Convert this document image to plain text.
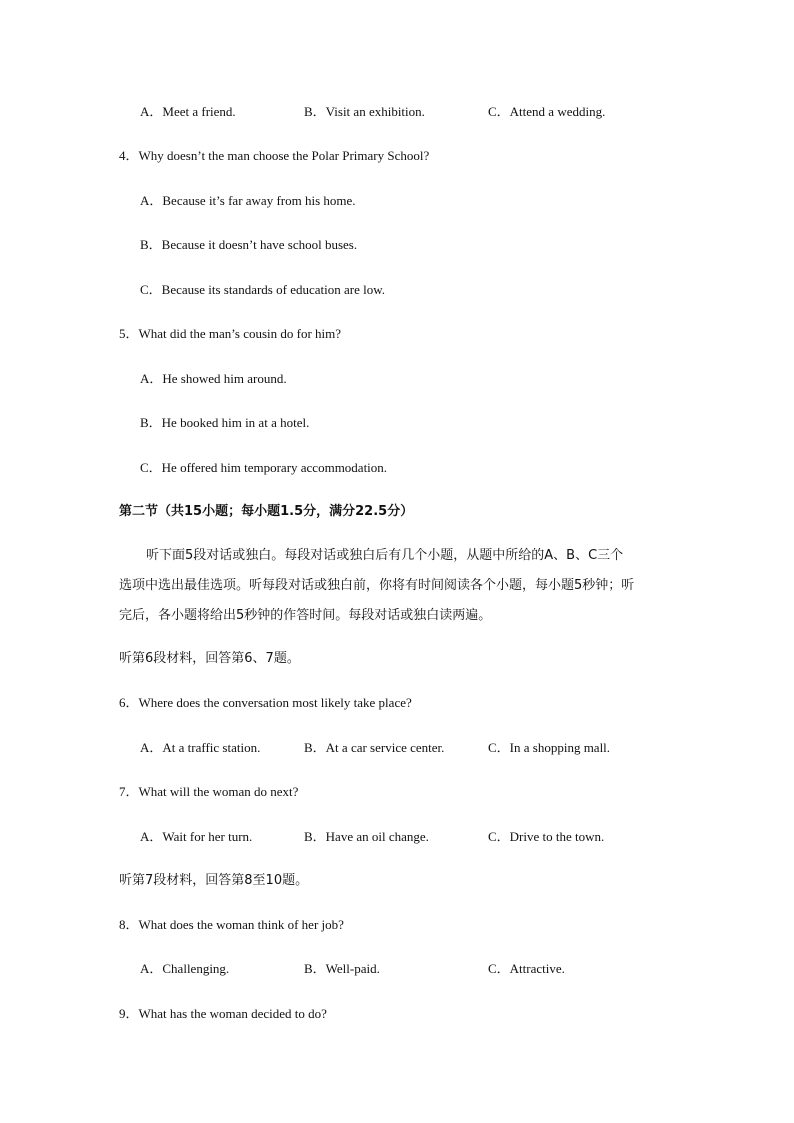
A．Meet a friend.	B．Visit an exhibition.	C．Attend a wedding.
4．Why doesn’t the man choose the Polar Primary School?
A．Because it’s far away from his home.
B．Because it doesn’t have school buses.
C．Because its standards of education are low.
5．What did the man’s cousin do for him?
A．He showed him around.
B．He booked him in at a hotel.
C．He offered him temporary accommodation.
第二节（共15小题；每小题1.5分，满分22.5分）
听下面5段对话或独白。每段对话或独白后有几个小题，从题中所给的A、B、C三个
选项中选出最佳选项。听每段对话或独白前，你将有时间阅读各个小题，每小题5秒钟；听
完后，各小题将给出5秒钟的作答时间。每段对话或独白读两遍。
听第6段材料，回答第6、7题。
6．Where does the conversation most likely take place?
A．At a traffic station.	B．At a car service center.	C．In a shopping mall.
7．What will the woman do next?
A．Wait for her turn.	B．Have an oil change.	C．Drive to the town.
听第7段材料，回答第8至10题。
8．What does the woman think of her job?
A．Challenging.	B．Well-paid.	C．Attractive.
9．What has the woman decided to do?
